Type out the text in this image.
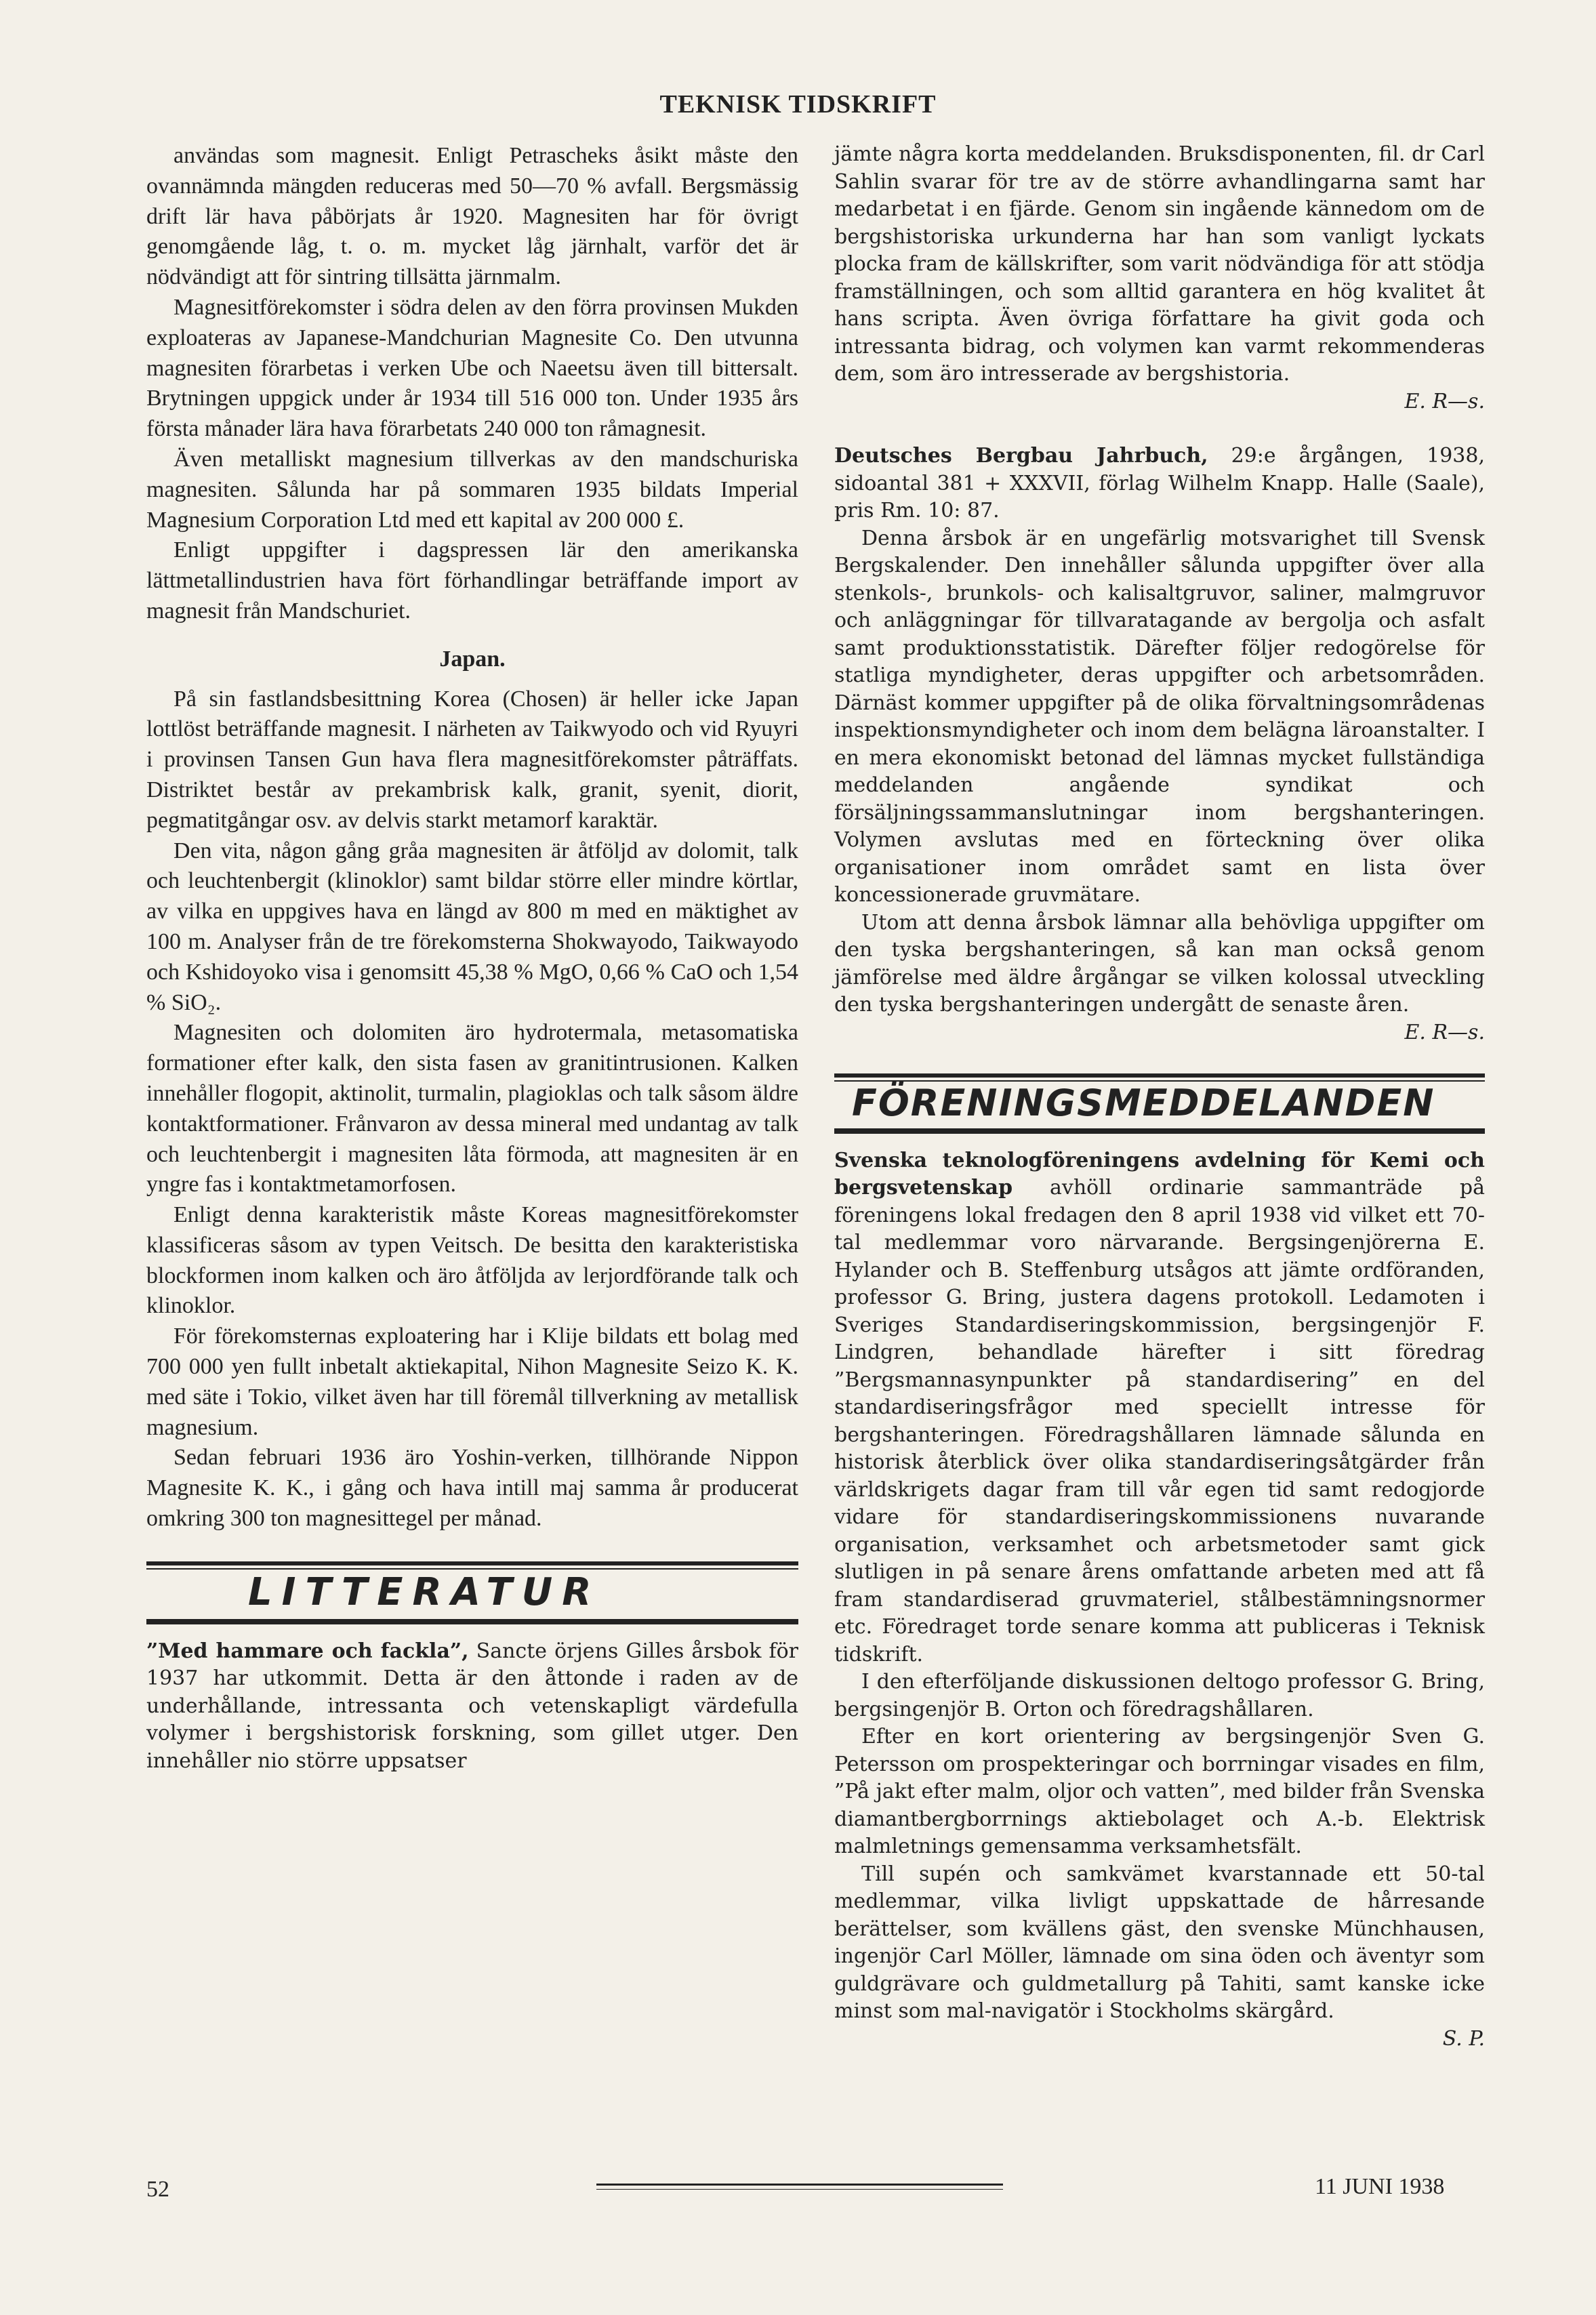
TEKNISK TIDSKRIFT

användas som magnesit. Enligt Petrascheks åsikt måste den ovannämnda mängden reduceras med 50—70 % avfall. Bergsmässig drift lär hava påbörjats år 1920. Magnesiten har för övrigt genomgående låg, t. o. m. mycket låg järnhalt, varför det är nödvändigt att för sintring tillsätta järnmalm.

Magnesitförekomster i södra delen av den förra provinsen Mukden exploateras av Japanese-Mandchurian Magnesite Co. Den utvunna magnesiten förarbetas i verken Ube och Naeetsu även till bittersalt. Brytningen uppgick under år 1934 till 516 000 ton. Under 1935 års första månader lära hava förarbetats 240 000 ton råmagnesit.

Även metalliskt magnesium tillverkas av den mandschuriska magnesiten. Sålunda har på sommaren 1935 bildats Imperial Magnesium Corporation Ltd med ett kapital av 200 000 £.

Enligt uppgifter i dagspressen lär den amerikanska lättmetallindustrien hava fört förhandlingar beträffande import av magnesit från Mandschuriet.

Japan.

På sin fastlandsbesittning Korea (Chosen) är heller icke Japan lottlöst beträffande magnesit. I närheten av Taikwyodo och vid Ryuyri i provinsen Tansen Gun hava flera magnesitförekomster påträffats. Distriktet består av prekambrisk kalk, granit, syenit, diorit, pegmatitgångar osv. av delvis starkt metamorf karaktär.

Den vita, någon gång gråa magnesiten är åtföljd av dolomit, talk och leuchtenbergit (klinoklor) samt bildar större eller mindre körtlar, av vilka en uppgives hava en längd av 800 m med en mäktighet av 100 m. Analyser från de tre förekomsterna Shokwayodo, Taikwayodo och Kshidoyoko visa i genomsitt 45,38 % MgO, 0,66 % CaO och 1,54 % SiO₂.

Magnesiten och dolomiten äro hydrotermala, metasomatiska formationer efter kalk, den sista fasen av granitintrusionen. Kalken innehåller flogopit, aktinolit, turmalin, plagioklas och talk såsom äldre kontaktformationer. Frånvaron av dessa mineral med undantag av talk och leuchtenbergit i magnesiten låta förmoda, att magnesiten är en yngre fas i kontaktmetamorfosen.

Enligt denna karakteristik måste Koreas magnesitförekomster klassificeras såsom av typen Veitsch. De besitta den karakteristiska blockformen inom kalken och äro åtföljda av lerjordförande talk och klinoklor.

För förekomsternas exploatering har i Klije bildats ett bolag med 700 000 yen fullt inbetalt aktiekapital, Nihon Magnesite Seizo K. K. med säte i Tokio, vilket även har till föremål tillverkning av metallisk magnesium.

Sedan februari 1936 äro Yoshin-verken, tillhörande Nippon Magnesite K. K., i gång och hava intill maj samma år producerat omkring 300 ton magnesittegel per månad.

LITTERATUR

”Med hammare och fackla”, Sancte örjens Gilles årsbok för 1937 har utkommit. Detta är den åttonde i raden av de underhållande, intressanta och vetenskapligt värdefulla volymer i bergshistorisk forskning, som gillet utger. Den innehåller nio större uppsatser

jämte några korta meddelanden. Bruksdisponenten, fil. dr Carl Sahlin svarar för tre av de större avhandlingarna samt har medarbetat i en fjärde. Genom sin ingående kännedom om de bergshistoriska urkunderna har han som vanligt lyckats plocka fram de källskrifter, som varit nödvändiga för att stödja framställningen, och som alltid garantera en hög kvalitet åt hans scripta. Även övriga författare ha givit goda och intressanta bidrag, och volymen kan varmt rekommenderas dem, som äro intresserade av bergshistoria.

E. R—s.

Deutsches Bergbau Jahrbuch, 29:e årgången, 1938, sidoantal 381 + XXXVII, förlag Wilhelm Knapp. Halle (Saale), pris Rm. 10: 87.

Denna årsbok är en ungefärlig motsvarighet till Svensk Bergskalender. Den innehåller sålunda uppgifter över alla stenkols-, brunkols- och kalisaltgruvor, saliner, malmgruvor och anläggningar för tillvaratagande av bergolja och asfalt samt produktionsstatistik. Därefter följer redogörelse för statliga myndigheter, deras uppgifter och arbetsområden. Därnäst kommer uppgifter på de olika förvaltningsområdenas inspektionsmyndigheter och inom dem belägna läroanstalter. I en mera ekonomiskt betonad del lämnas mycket fullständiga meddelanden angående syndikat och försäljningssammanslutningar inom bergshanteringen. Volymen avslutas med en förteckning över olika organisationer inom området samt en lista över koncessionerade gruvmätare.

Utom att denna årsbok lämnar alla behövliga uppgifter om den tyska bergshanteringen, så kan man också genom jämförelse med äldre årgångar se vilken kolossal utveckling den tyska bergshanteringen undergått de senaste åren.

E. R—s.

FÖRENINGSMEDDELANDEN

Svenska teknologföreningens avdelning för Kemi och bergsvetenskap avhöll ordinarie sammanträde på föreningens lokal fredagen den 8 april 1938 vid vilket ett 70-tal medlemmar voro närvarande. Bergsingenjörerna E. Hylander och B. Steffenburg utsågos att jämte ordföranden, professor G. Bring, justera dagens protokoll. Ledamoten i Sveriges Standardiseringskommission, bergsingenjör F. Lindgren, behandlade härefter i sitt föredrag ”Bergsmannasynpunkter på standardisering” en del standardiseringsfrågor med speciellt intresse för bergshanteringen. Föredragshållaren lämnade sålunda en historisk återblick över olika standardiseringsåtgärder från världskrigets dagar fram till vår egen tid samt redogjorde vidare för standardiseringskommissionens nuvarande organisation, verksamhet och arbetsmetoder samt gick slutligen in på senare årens omfattande arbeten med att få fram standardiserad gruvmateriel, stålbestämningsnormer etc. Föredraget torde senare komma att publiceras i Teknisk tidskrift.

I den efterföljande diskussionen deltogo professor G. Bring, bergsingenjör B. Orton och föredragshållaren.

Efter en kort orientering av bergsingenjör Sven G. Petersson om prospekteringar och borrningar visades en film, ”På jakt efter malm, oljor och vatten”, med bilder från Svenska diamantbergborrnings aktiebolaget och A.-b. Elektrisk malmletnings gemensamma verksamhetsfält.

Till supén och samkvämet kvarstannade ett 50-tal medlemmar, vilka livligt uppskattade de hårresande berättelser, som kvällens gäst, den svenske Münchhausen, ingenjör Carl Möller, lämnade om sina öden och äventyr som guldgrävare och guldmetallurg på Tahiti, samt kanske icke minst som mal-navigatör i Stockholms skärgård.

S. P.

52	11 JUNI 1938
